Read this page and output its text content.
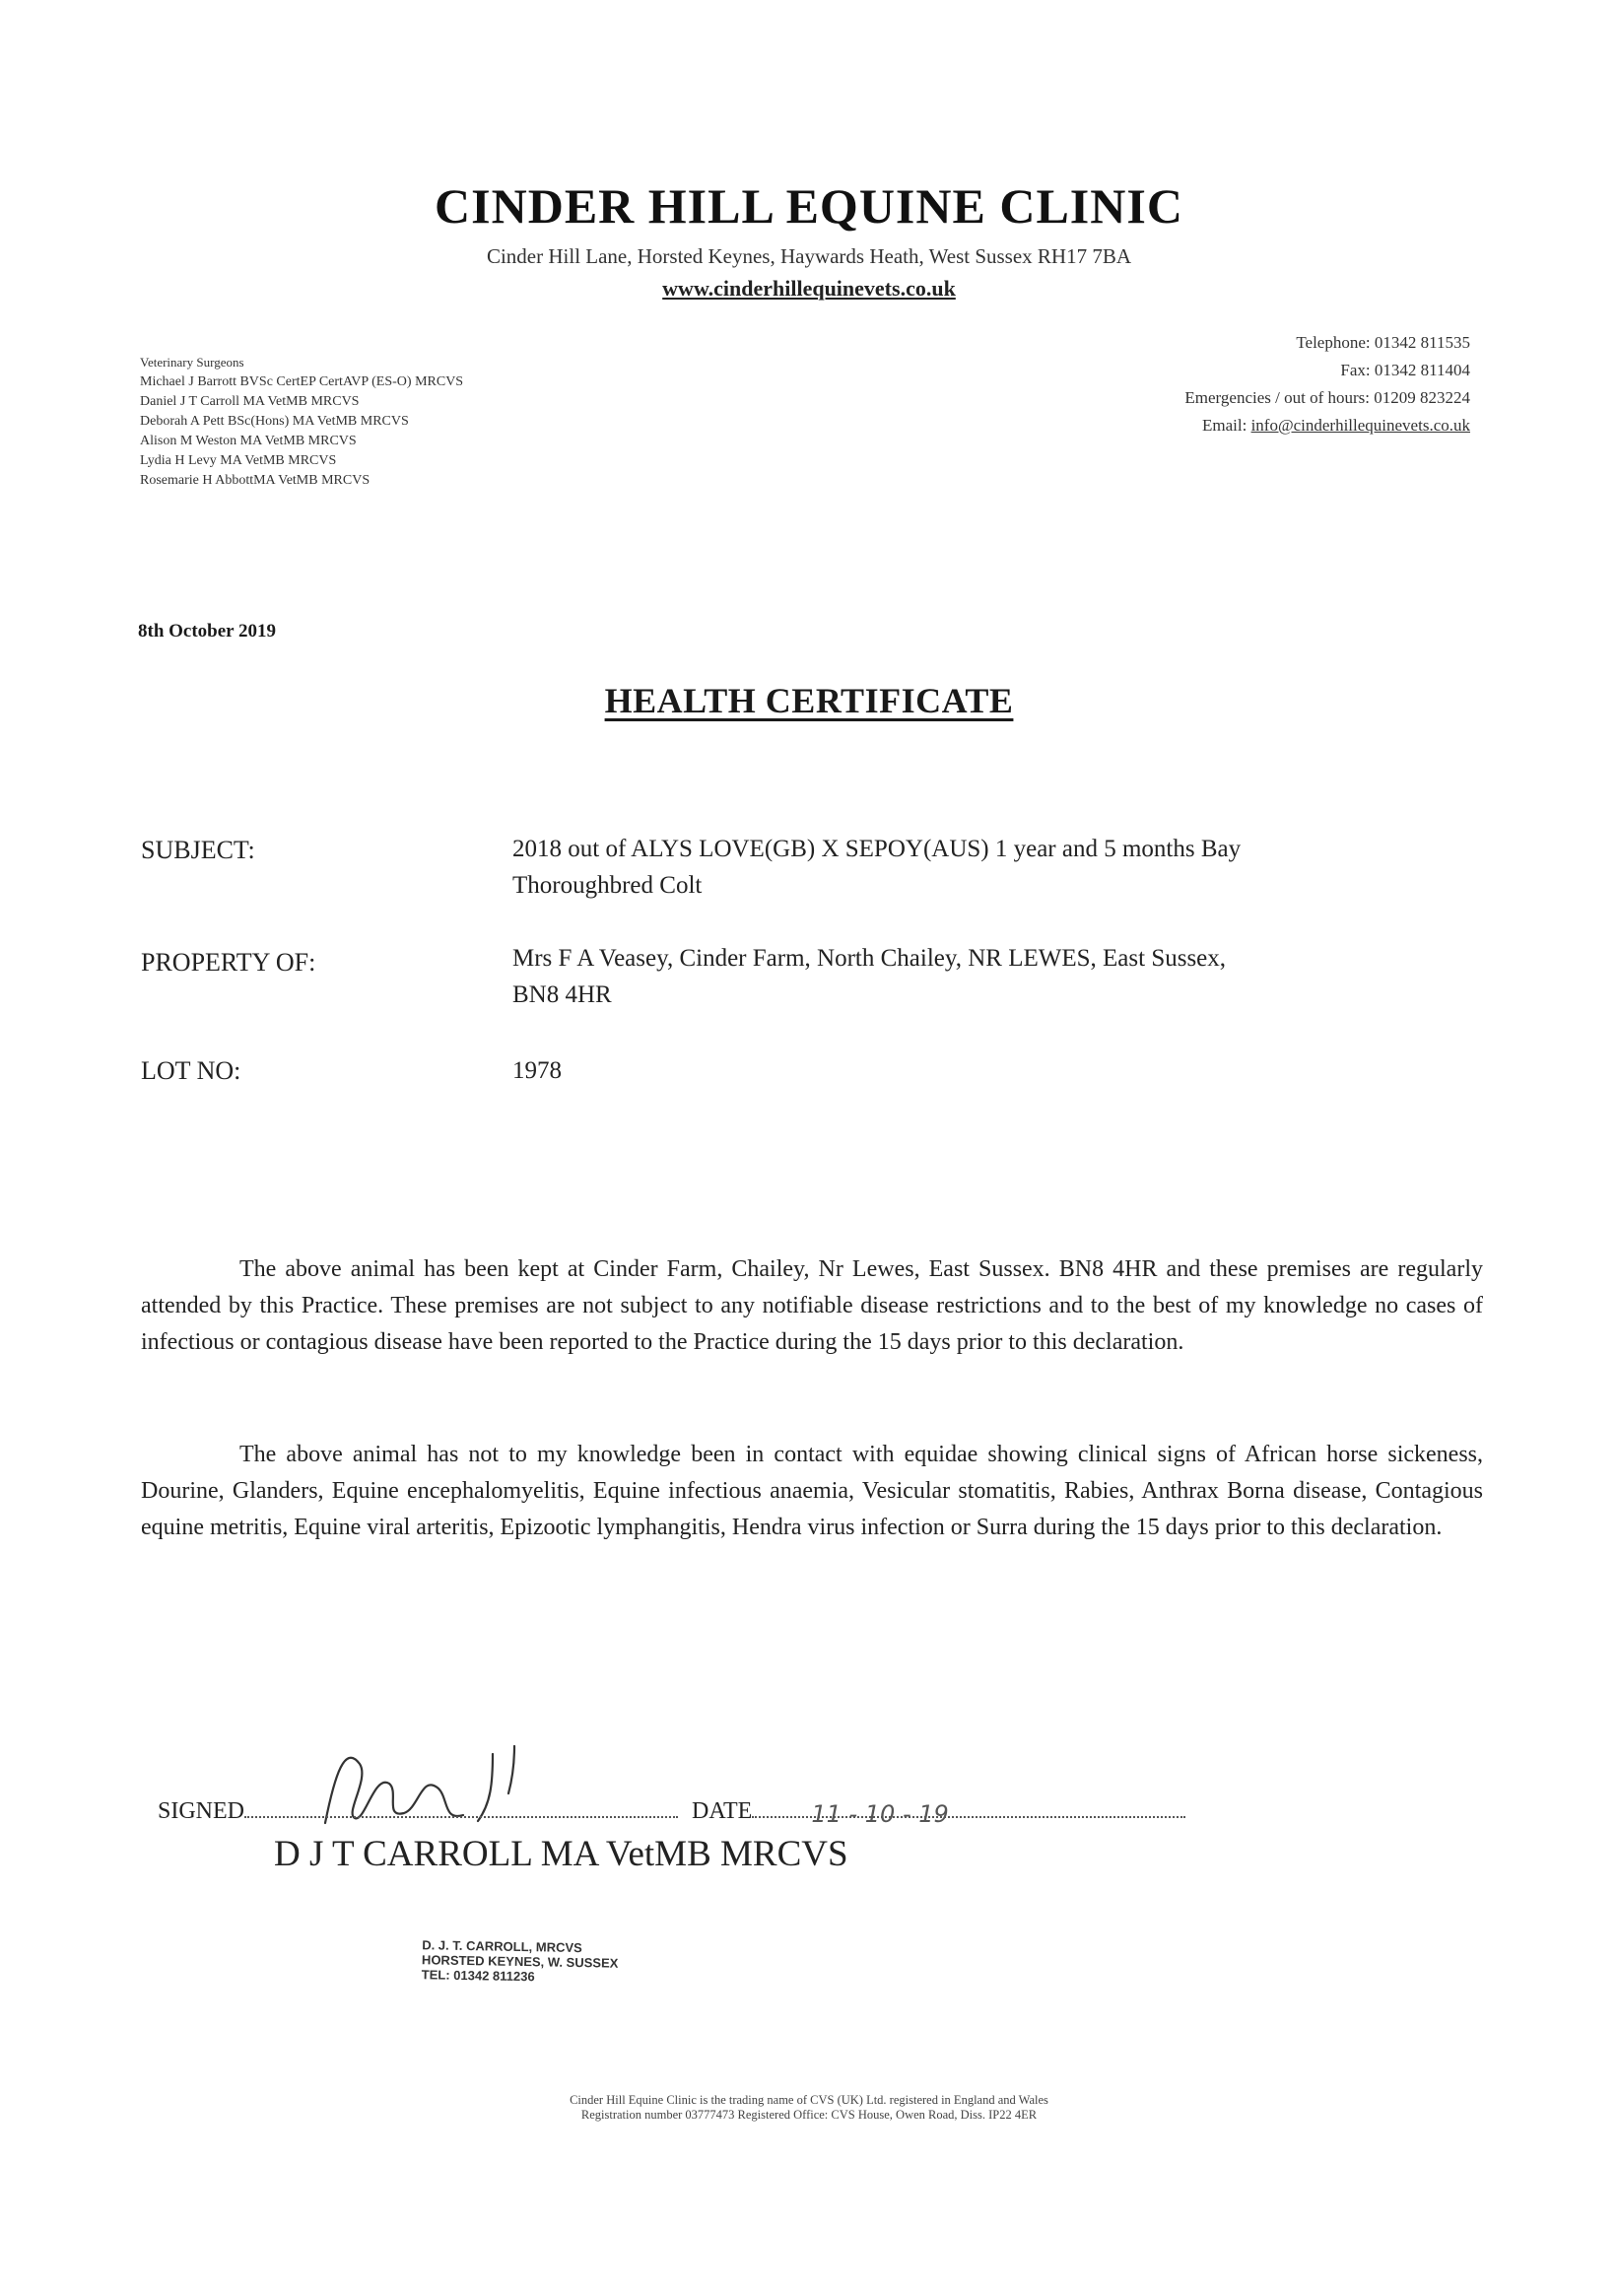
CINDER HILL EQUINE CLINIC
Cinder Hill Lane, Horsted Keynes, Haywards Heath, West Sussex RH17 7BA
www.cinderhillequinevets.co.uk
Veterinary Surgeons
Michael J Barrott BVSc CertEP CertAVP (ES-O) MRCVS
Daniel J T Carroll MA VetMB MRCVS
Deborah A Pett BSc(Hons) MA VetMB MRCVS
Alison M Weston MA VetMB MRCVS
Lydia H Levy MA VetMB MRCVS
Rosemarie H AbbottMA VetMB MRCVS
Telephone: 01342 811535
Fax: 01342 811404
Emergencies / out of hours: 01209 823224
Email: info@cinderhillequinevets.co.uk
8th October 2019
HEALTH CERTIFICATE
SUBJECT:	2018 out of ALYS LOVE(GB) X SEPOY(AUS) 1 year and 5 months Bay
Thoroughbred Colt
PROPERTY OF:	Mrs F A Veasey, Cinder Farm, North Chailey, NR LEWES, East Sussex,
BN8 4HR
LOT NO:	1978
The above animal has been kept at Cinder Farm, Chailey, Nr Lewes, East Sussex. BN8 4HR and these premises are regularly attended by this Practice. These premises are not subject to any notifiable disease restrictions and to the best of my knowledge no cases of infectious or contagious disease have been reported to the Practice during the 15 days prior to this declaration.
The above animal has not to my knowledge been in contact with equidae showing clinical signs of African horse sickeness, Dourine, Glanders, Equine encephalomyelitis, Equine infectious anaemia, Vesicular stomatitis, Rabies, Anthrax Borna disease, Contagious equine metritis, Equine viral arteritis, Epizootic lymphangitis, Hendra virus infection or Surra during the 15 days prior to this declaration.
SIGNED	DATE	11 - 10 - 19
D J T CARROLL MA VetMB MRCVS
D. J. T. CARROLL, MRCVS
HORSTED KEYNES, W. SUSSEX
TEL: 01342 811236
Cinder Hill Equine Clinic is the trading name of CVS (UK) Ltd. registered in England and Wales
Registration number 03777473 Registered Office: CVS House, Owen Road, Diss. IP22 4ER
